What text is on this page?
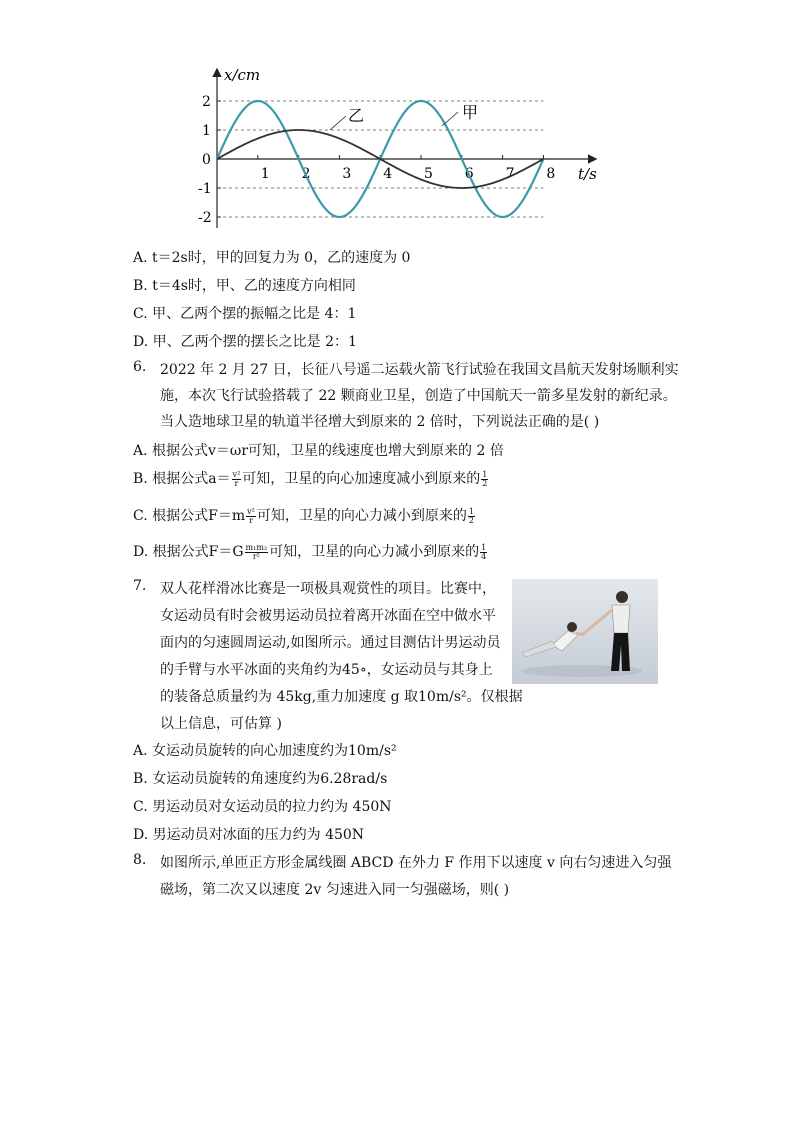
x/cm
t/s
0
1 2 3 4 5 6 7 8
2
1
-1
-2
甲
乙
A. t＝2s时，甲的回复力为 0，乙的速度为 0
B. t＝4s时，甲、乙的速度方向相同
C. 甲、乙两个摆的振幅之比是 4：1
D. 甲、乙两个摆的摆长之比是 2：1
6. 2022 年 2 月 27 日，长征八号遥二运载火箭飞行试验在我国文昌航天发射场顺利实
施，本次飞行试验搭载了 22 颗商业卫星，创造了中国航天一箭多星发射的新纪录。
当人造地球卫星的轨道半径增大到原来的 2 倍时，下列说法正确的是( )
A. 根据公式v＝ωr可知，卫星的线速度也增大到原来的 2 倍
B. 根据公式$a= \frac{\text{v²}}{r}$ 可知，卫星的向心加速度减小到原来的 $\frac{1}{2}$
C. 根据公式$F=m \frac{\text{v²}}{r}$ 可知，卫星的向心力减小到原来的 $\frac{1}{2}$
D. 根据公式$F=G \frac{\text{m₁m₂}}{\text{r²}}$ 可知，卫星的向心力减小到原来的 $\frac{1}{4}$
7. 双人花样滑冰比赛是一项极具观赏性的项目。比赛中，
女运动员有时会被男运动员拉着离开冰面在空中做水平
面内的匀速圆周运动,如图所示。通过目测估计男运动员
的手臂与水平冰面的夹角约为45∘，女运动员与其身上
的装备总质量约为 45kg,重力加速度 g 取10m/s²。仅根据
以上信息，可估算 )
A. 女运动员旋转的向心加速度约为10m/s²
B. 女运动员旋转的角速度约为6.28rad/s
C. 男运动员对女运动员的拉力约为 450N
D. 男运动员对冰面的压力约为 450N
8. 如图所示,单匝正方形金属线圈 ABCD 在外力 F 作用下以速度 v 向右匀速进入匀强
磁场，第二次又以速度 2v 匀速进入同一匀强磁场，则( )
